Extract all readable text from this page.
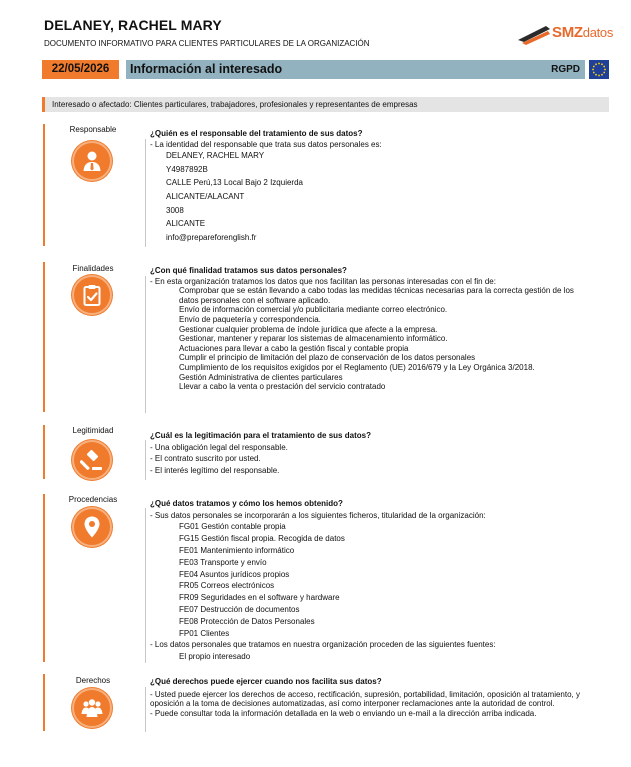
DELANEY, RACHEL MARY
DOCUMENTO INFORMATIVO PARA CLIENTES PARTICULARES DE LA ORGANIZACIÓN
SMZdatos
22/05/2026	Información al interesado	RGPD
Interesado o afectado: Clientes particulares, trabajadores, profesionales y representantes de empresas
Responsable	¿Quién es el responsable del tratamiento de sus datos?
- La identidad del responsable que trata sus datos personales es:
DELANEY, RACHEL MARY
Y4987892B
CALLE Perú,13 Local Bajo 2 Izquierda
ALICANTE/ALACANT
3008
ALICANTE
info@prepareforenglish.fr
Finalidades	¿Con qué finalidad tratamos sus datos personales?
- En esta organización tratamos los datos que nos facilitan las personas interesadas con el fin de:
Comprobar que se están llevando a cabo todas las medidas técnicas necesarias para la correcta gestión de los datos personales con el software aplicado.
Envío de información comercial y/o publicitaria mediante correo electrónico.
Envío de paquetería y correspondencia.
Gestionar cualquier problema de índole jurídica que afecte a la empresa.
Gestionar, mantener y reparar los sistemas de almacenamiento informático.
Actuaciones para llevar a cabo la gestión fiscal y contable propia
Cumplir el principio de limitación del plazo de conservación de los datos personales
Cumplimiento de los requisitos exigidos por el Reglamento (UE) 2016/679 y la Ley Orgánica 3/2018.
Gestión Administrativa de clientes particulares
Llevar a cabo la venta o prestación del servicio contratado
Legitimidad
¿Cuál es la legitimación para el tratamiento de sus datos?
- Una obligación legal del responsable.
- El contrato suscrito por usted.
- El interés legítimo del responsable.
Procedencias	¿Qué datos tratamos y cómo los hemos obtenido?
- Sus datos personales se incorporarán a los siguientes ficheros, titularidad de la organización:
FG01 Gestión contable propia
FG15 Gestión fiscal propia. Recogida de datos
FE01 Mantenimiento informático
FE03 Transporte y envío
FE04 Asuntos jurídicos propios
FR05 Correos electrónicos
FR09 Seguridades en el software y hardware
FE07 Destrucción de documentos
FE08 Protección de Datos Personales
FP01 Clientes
- Los datos personales que tratamos en nuestra organización proceden de las siguientes fuentes:
El propio interesado
Derechos	¿Qué derechos puede ejercer cuando nos facilita sus datos?
- Usted puede ejercer los derechos de acceso, rectificación, supresión, portabilidad, limitación, oposición al tratamiento, y oposición a la toma de decisiones automatizadas, así como interponer reclamaciones ante la autoridad de control.
- Puede consultar toda la información detallada en la web o enviando un e-mail a la dirección arriba indicada.
